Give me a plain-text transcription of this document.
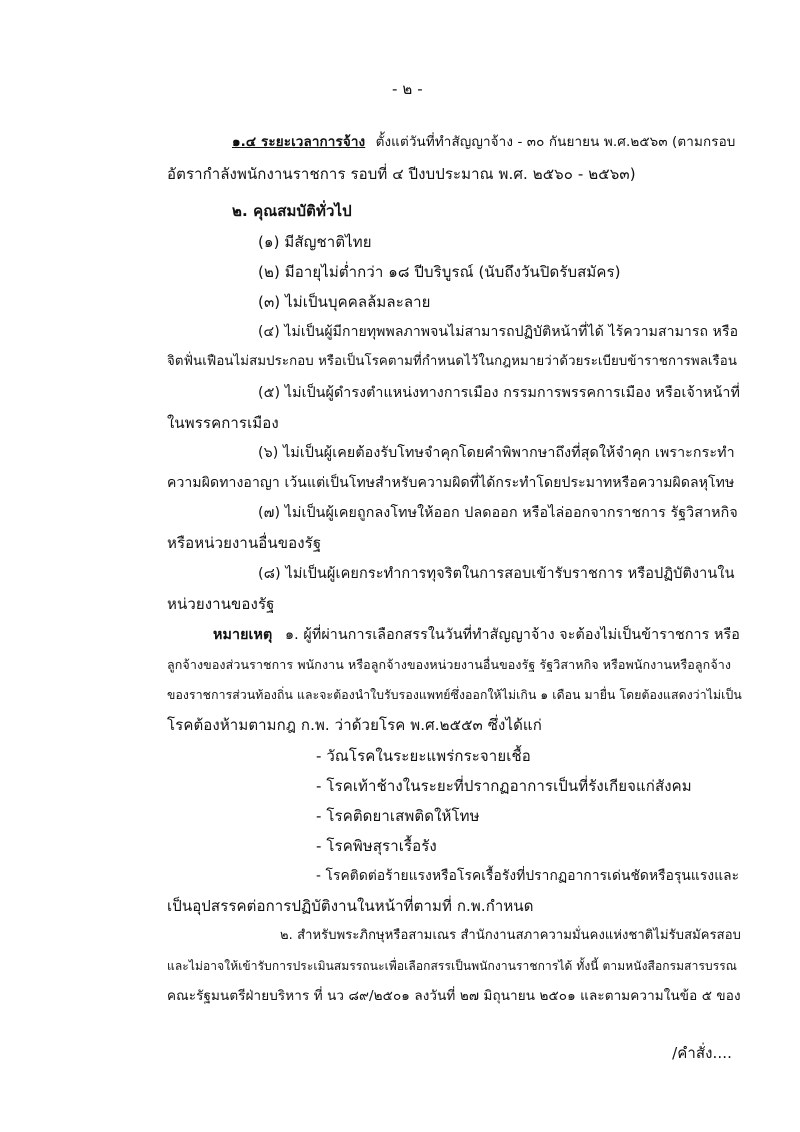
- ๒ -
๑.๔ ระยะเวลาการจ้าง ตั้งแต่วันที่ทำสัญญาจ้าง - ๓๐ กันยายน พ.ศ.๒๕๖๓ (ตามกรอบ
อัตรากำลังพนักงานราชการ รอบที่ ๔ ปีงบประมาณ พ.ศ. ๒๕๖๐ - ๒๕๖๓)
๒. คุณสมบัติทั่วไป
(๑) มีสัญชาติไทย
(๒) มีอายุไม่ต่ำกว่า ๑๘ ปีบริบูรณ์ (นับถึงวันปิดรับสมัคร)
(๓) ไม่เป็นบุคคลล้มละลาย
(๔) ไม่เป็นผู้มีกายทุพพลภาพจนไม่สามารถปฏิบัติหน้าที่ได้ ไร้ความสามารถ หรือ
จิตฟั่นเฟือนไม่สมประกอบ หรือเป็นโรคตามที่กำหนดไว้ในกฎหมายว่าด้วยระเบียบข้าราชการพลเรือน
(๕) ไม่เป็นผู้ดำรงตำแหน่งทางการเมือง กรรมการพรรคการเมือง หรือเจ้าหน้าที่
ในพรรคการเมือง
(๖) ไม่เป็นผู้เคยต้องรับโทษจำคุกโดยคำพิพากษาถึงที่สุดให้จำคุก เพราะกระทำ
ความผิดทางอาญา เว้นแต่เป็นโทษสำหรับความผิดที่ได้กระทำโดยประมาทหรือความผิดลหุโทษ
(๗) ไม่เป็นผู้เคยถูกลงโทษให้ออก ปลดออก หรือไล่ออกจากราชการ รัฐวิสาหกิจ
หรือหน่วยงานอื่นของรัฐ
(๘) ไม่เป็นผู้เคยกระทำการทุจริตในการสอบเข้ารับราชการ หรือปฏิบัติงานใน
หน่วยงานของรัฐ
หมายเหตุ ๑. ผู้ที่ผ่านการเลือกสรรในวันที่ทำสัญญาจ้าง จะต้องไม่เป็นข้าราชการ หรือ
ลูกจ้างของส่วนราชการ พนักงาน หรือลูกจ้างของหน่วยงานอื่นของรัฐ รัฐวิสาหกิจ หรือพนักงานหรือลูกจ้าง
ของราชการส่วนท้องถิ่น และจะต้องนำใบรับรองแพทย์ซึ่งออกให้ไม่เกิน ๑ เดือน มายื่น โดยต้องแสดงว่าไม่เป็น
โรคต้องห้ามตามกฎ ก.พ. ว่าด้วยโรค พ.ศ.๒๕๕๓ ซึ่งได้แก่
- วัณโรคในระยะแพร่กระจายเชื้อ
- โรคเท้าช้างในระยะที่ปรากฏอาการเป็นที่รังเกียจแก่สังคม
- โรคติดยาเสพติดให้โทษ
- โรคพิษสุราเรื้อรัง
- โรคติดต่อร้ายแรงหรือโรคเรื้อรังที่ปรากฏอาการเด่นชัดหรือรุนแรงและ
เป็นอุปสรรคต่อการปฏิบัติงานในหน้าที่ตามที่ ก.พ.กำหนด
๒. สำหรับพระภิกษุหรือสามเณร สำนักงานสภาความมั่นคงแห่งชาติไม่รับสมัครสอบ
และไม่อาจให้เข้ารับการประเมินสมรรถนะเพื่อเลือกสรรเป็นพนักงานราชการได้ ทั้งนี้ ตามหนังสือกรมสารบรรณ
คณะรัฐมนตรีฝ่ายบริหาร ที่ นว ๘๙/๒๕๐๑ ลงวันที่ ๒๗ มิถุนายน ๒๕๐๑ และตามความในข้อ ๕ ของ
/คำสั่ง....
